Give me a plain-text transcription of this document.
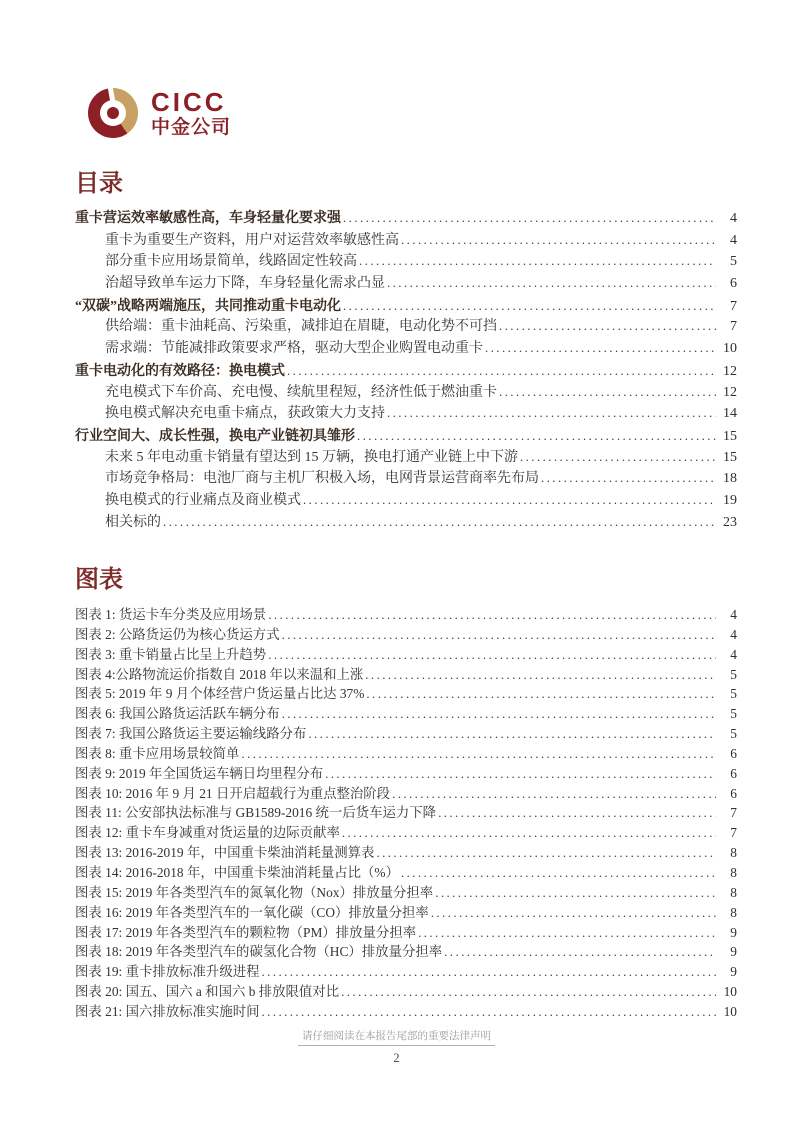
CICC
中金公司
目录
重卡营运效率敏感性高，车身轻量化要求强 .....	4
重卡为重要生产资料，用户对运营效率敏感性高 .....	4
部分重卡应用场景简单，线路固定性较高 .....	5
治超导致单车运力下降，车身轻量化需求凸显 .....	6
“双碳”战略两端施压，共同推动重卡电动化 .....	7
供给端：重卡油耗高、污染重，减排迫在眉睫，电动化势不可挡 .....	7
需求端：节能减排政策要求严格，驱动大型企业购置电动重卡 .....	10
重卡电动化的有效路径：换电模式 .....	12
充电模式下车价高、充电慢、续航里程短，经济性低于燃油重卡 .....	12
换电模式解决充电重卡痛点，获政策大力支持 .....	14
行业空间大、成长性强，换电产业链初具雏形 .....	15
未来 5 年电动重卡销量有望达到 15 万辆，换电打通产业链上中下游 .....	15
市场竞争格局：电池厂商与主机厂积极入场，电网背景运营商率先布局 .....	18
换电模式的行业痛点及商业模式 .....	19
相关标的 .....	23
图表
图表 1: 货运卡车分类及应用场景 .....	4
图表 2: 公路货运仍为核心货运方式 .....	4
图表 3: 重卡销量占比呈上升趋势 .....	4
图表 4:公路物流运价指数自 2018 年以来温和上涨 .....	5
图表 5: 2019 年 9 月个体经营户货运量占比达 37% .....	5
图表 6: 我国公路货运活跃车辆分布 .....	5
图表 7: 我国公路货运主要运输线路分布 .....	5
图表 8: 重卡应用场景较简单 .....	6
图表 9: 2019 年全国货运车辆日均里程分布 .....	6
图表 10: 2016 年 9 月 21 日开启超载行为重点整治阶段 .....	6
图表 11: 公安部执法标准与 GB1589-2016 统一后货车运力下降 .....	7
图表 12: 重卡车身减重对货运量的边际贡献率 .....	7
图表 13: 2016-2019 年，中国重卡柴油消耗量测算表 .....	8
图表 14: 2016-2018 年，中国重卡柴油消耗量占比（%） .....	8
图表 15: 2019 年各类型汽车的氮氧化物（Nox）排放量分担率 .....	8
图表 16: 2019 年各类型汽车的一氧化碳（CO）排放量分担率 .....	8
图表 17: 2019 年各类型汽车的颗粒物（PM）排放量分担率 .....	9
图表 18: 2019 年各类型汽车的碳氢化合物（HC）排放量分担率 .....	9
图表 19: 重卡排放标准升级进程 .....	9
图表 20: 国五、国六 a 和国六 b 排放限值对比 .....	10
图表 21: 国六排放标准实施时间 .....	10
请仔细阅读在本报告尾部的重要法律声明
2
